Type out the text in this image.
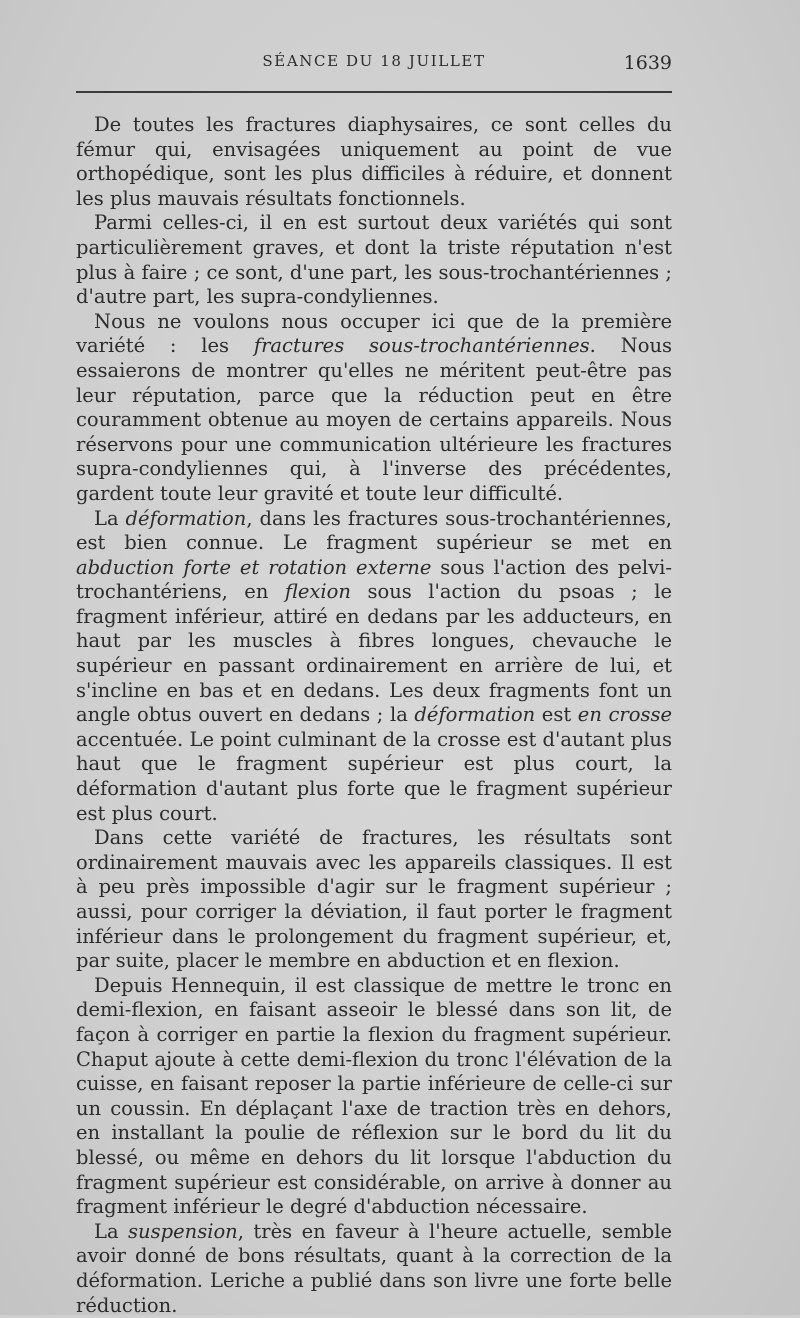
SÉANCE DU 18 JUILLET	1639

De toutes les fractures diaphysaires, ce sont celles du fémur qui, envisagées uniquement au point de vue orthopédique, sont les plus difficiles à réduire, et donnent les plus mauvais résultats fonctionnels.

Parmi celles-ci, il en est surtout deux variétés qui sont particulièrement graves, et dont la triste réputation n'est plus à faire ; ce sont, d'une part, les sous-trochantériennes ; d'autre part, les supra-condyliennes.

Nous ne voulons nous occuper ici que de la première variété : les fractures sous-trochantériennes. Nous essaierons de montrer qu'elles ne méritent peut-être pas leur réputation, parce que la réduction peut en être couramment obtenue au moyen de certains appareils. Nous réservons pour une communication ultérieure les fractures supra-condyliennes qui, à l'inverse des précédentes, gardent toute leur gravité et toute leur difficulté.

La déformation, dans les fractures sous-trochantériennes, est bien connue. Le fragment supérieur se met en abduction forte et rotation externe sous l'action des pelvi-trochantériens, en flexion sous l'action du psoas ; le fragment inférieur, attiré en dedans par les adducteurs, en haut par les muscles à fibres longues, chevauche le supérieur en passant ordinairement en arrière de lui, et s'incline en bas et en dedans. Les deux fragments font un angle obtus ouvert en dedans ; la déformation est en crosse accentuée. Le point culminant de la crosse est d'autant plus haut que le fragment supérieur est plus court, la déformation d'autant plus forte que le fragment supérieur est plus court.

Dans cette variété de fractures, les résultats sont ordinairement mauvais avec les appareils classiques. Il est à peu près impossible d'agir sur le fragment supérieur ; aussi, pour corriger la déviation, il faut porter le fragment inférieur dans le prolongement du fragment supérieur, et, par suite, placer le membre en abduction et en flexion.

Depuis Hennequin, il est classique de mettre le tronc en demi-flexion, en faisant asseoir le blessé dans son lit, de façon à corriger en partie la flexion du fragment supérieur. Chaput ajoute à cette demi-flexion du tronc l'élévation de la cuisse, en faisant reposer la partie inférieure de celle-ci sur un coussin. En déplaçant l'axe de traction très en dehors, en installant la poulie de réflexion sur le bord du lit du blessé, ou même en dehors du lit lorsque l'abduction du fragment supérieur est considérable, on arrive à donner au fragment inférieur le degré d'abduction nécessaire.

La suspension, très en faveur à l'heure actuelle, semble avoir donné de bons résultats, quant à la correction de la déformation. Leriche a publié dans son livre une forte belle réduction.
